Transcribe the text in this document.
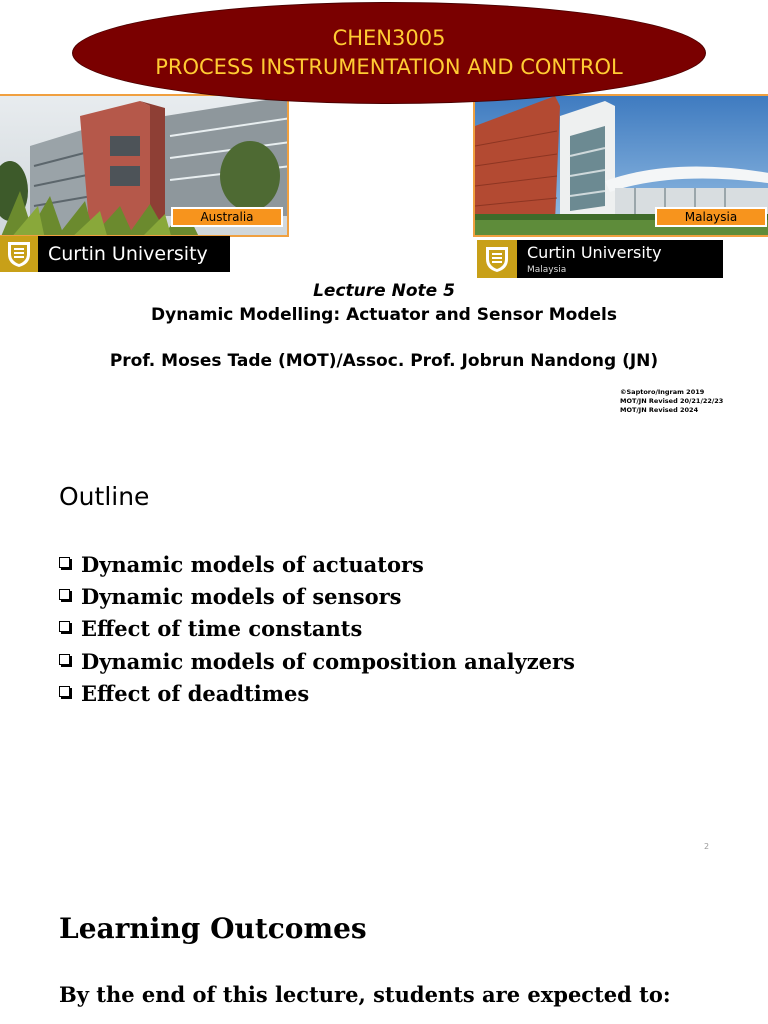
CHEN3005
PROCESS INSTRUMENTATION AND CONTROL
Australia	Malaysia
Curtin University	Curtin University
Malaysia
Lecture Note 5
Dynamic Modelling: Actuator and Sensor Models
Prof. Moses Tade (MOT)/Assoc. Prof. Jobrun Nandong (JN)
©Saptoro/Ingram 2019
MOT/JN Revised 20/21/22/23
MOT/JN Revised 2024
Outline
Dynamic models of actuators
Dynamic models of sensors
Effect of time constants
Dynamic models of composition analyzers
Effect of deadtimes
2
Learning Outcomes
By the end of this lecture, students are expected to:
